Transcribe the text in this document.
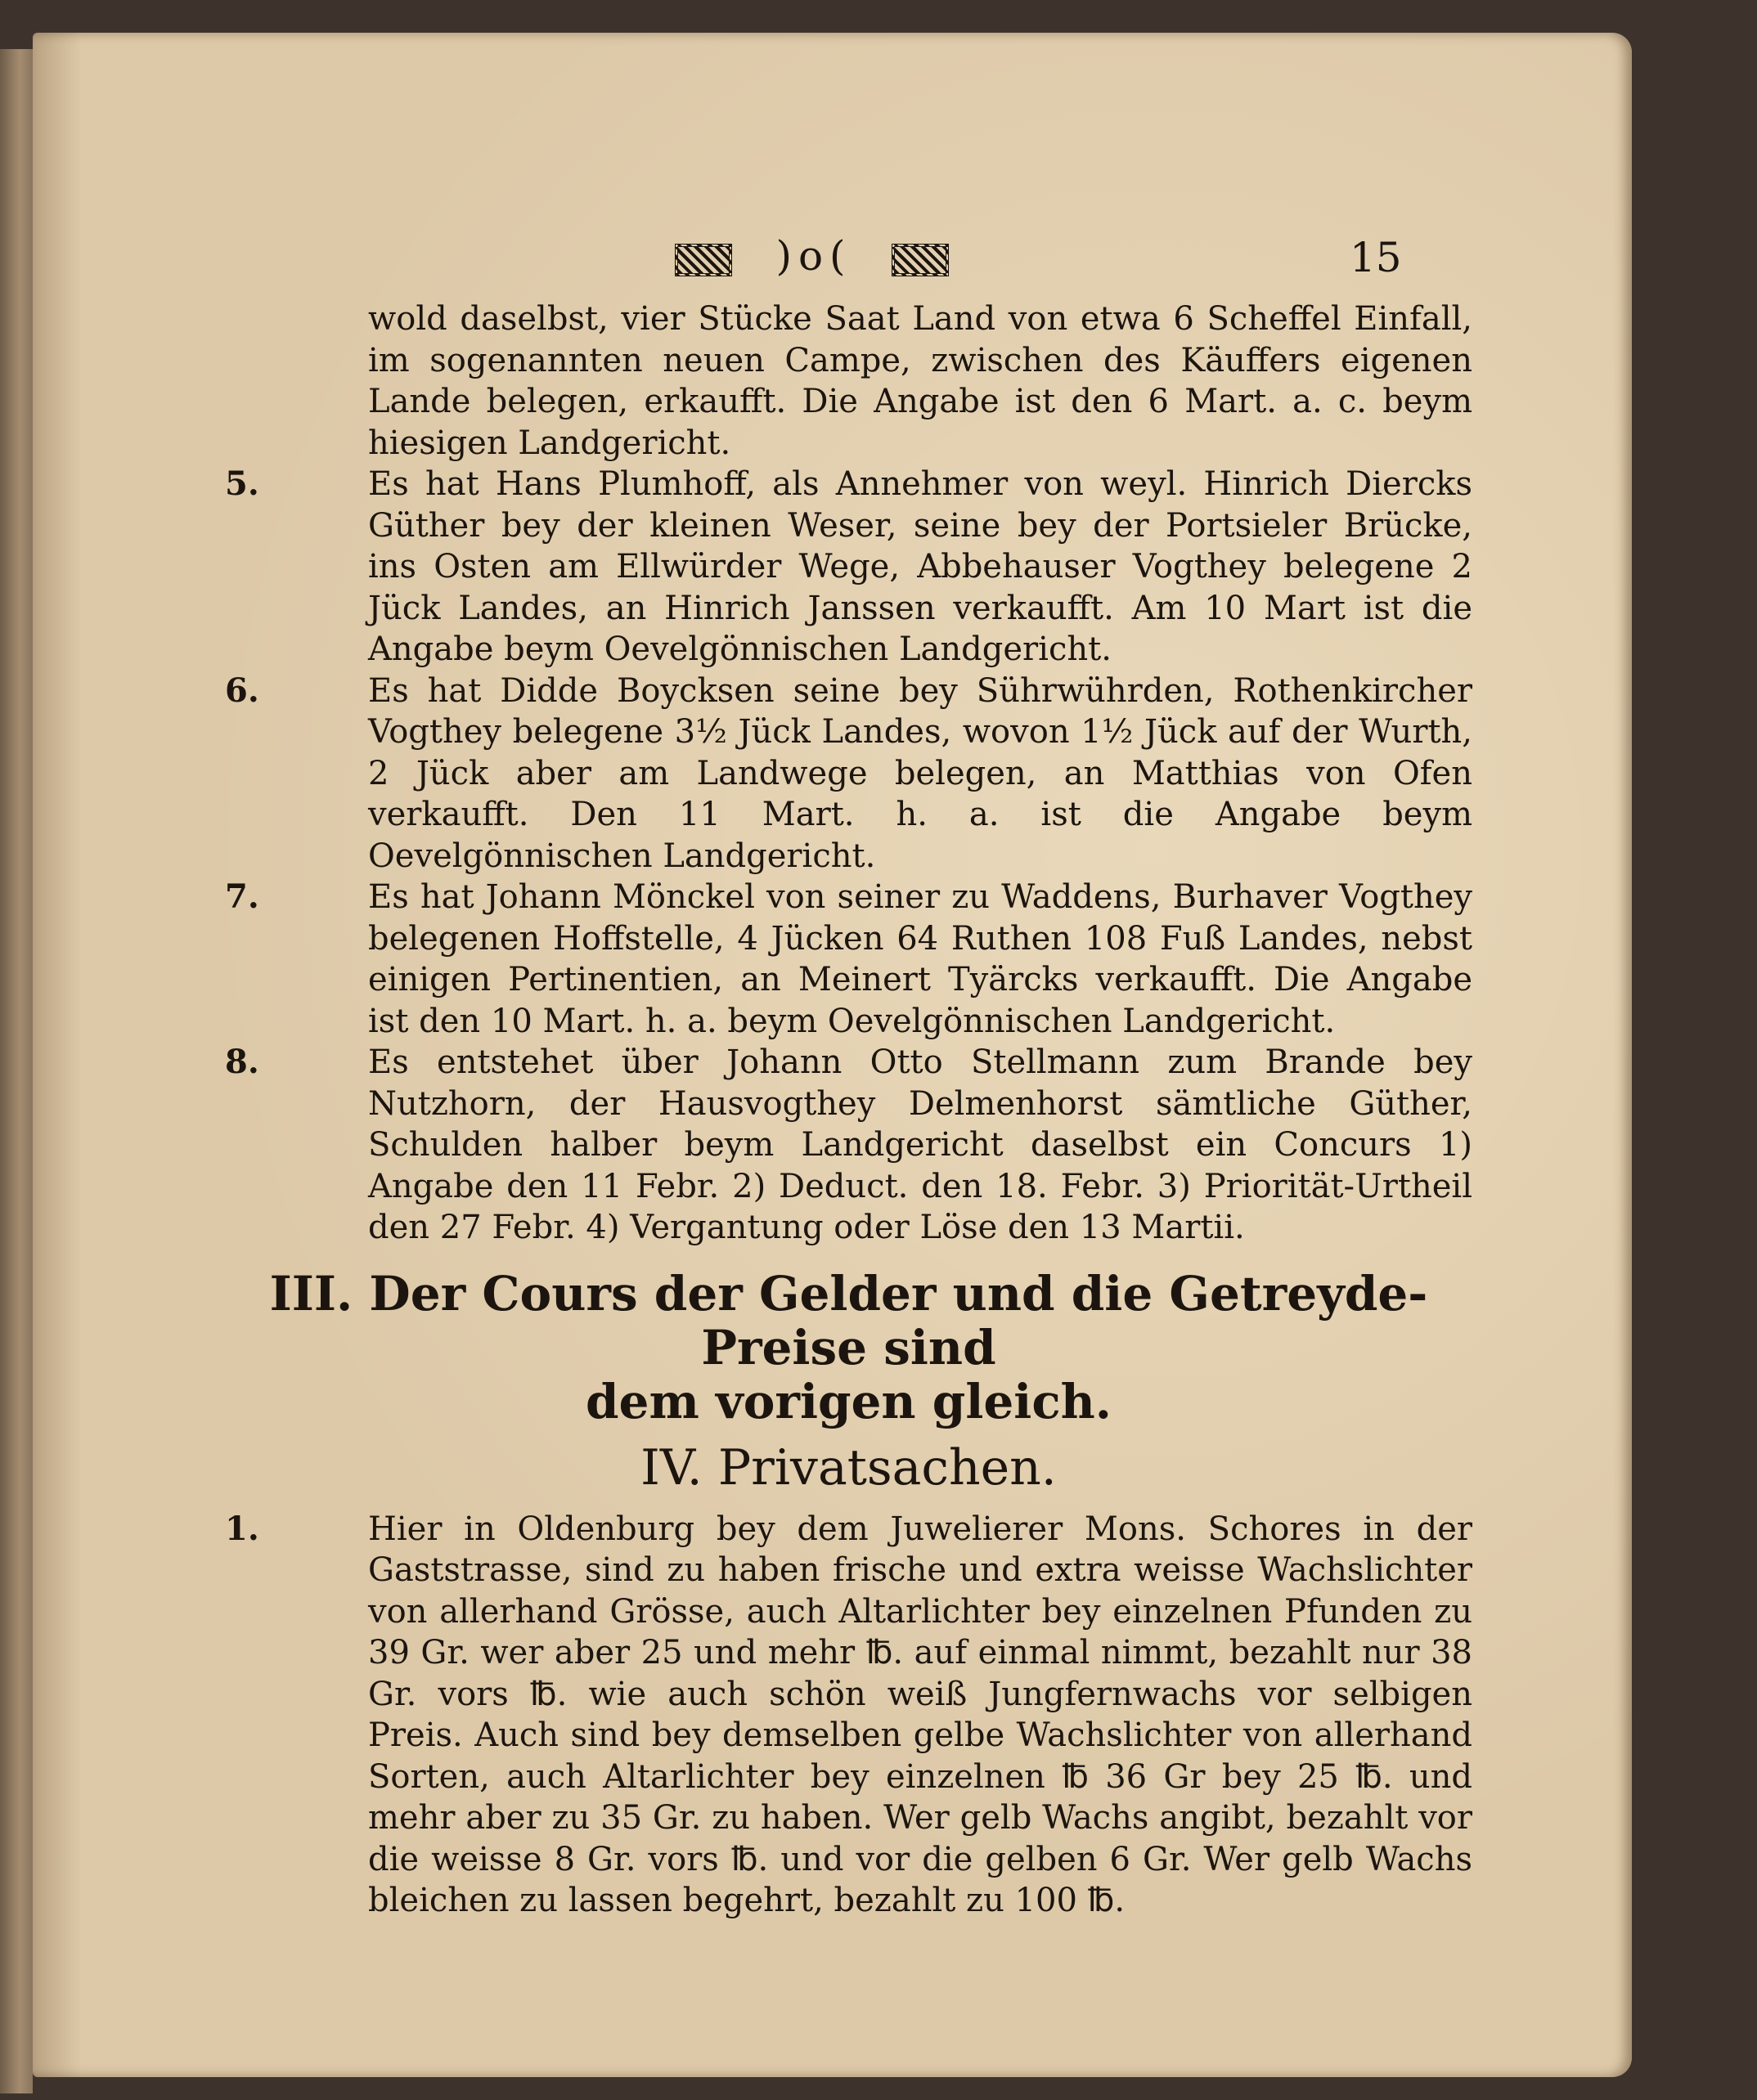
)o(	15
wold daselbst, vier Stücke Saat Land von etwa 6 Scheffel Einfall, im sogenannten neuen Campe, zwischen des Käuffers eigenen Lande belegen, erkaufft. Die Angabe ist den 6 Mart. a. c. beym hiesigen Landgericht.
5.	Es hat Hans Plumhoff, als Annehmer von weyl. Hinrich Diercks Güther bey der kleinen Weser, seine bey der Portsieler Brücke, ins Osten am Ellwürder Wege, Abbehauser Vogthey belegene 2 Jück Landes, an Hinrich Janssen verkaufft. Am 10 Mart ist die Angabe beym Oevelgönnischen Landgericht.
6.	Es hat Didde Boycksen seine bey Sührwührden, Rothenkircher Vogthey belegene 3½ Jück Landes, wovon 1½ Jück auf der Wurth, 2 Jück aber am Landwege belegen, an Matthias von Ofen verkaufft. Den 11 Mart. h. a. ist die Angabe beym Oevelgönnischen Landgericht.
7.	Es hat Johann Mönckel von seiner zu Waddens, Burhaver Vogthey belegenen Hoffstelle, 4 Jücken 64 Ruthen 108 Fuß Landes, nebst einigen Pertinentien, an Meinert Tyärcks verkaufft. Die Angabe ist den 10 Mart. h. a. beym Oevelgönnischen Landgericht.
8.	Es entstehet über Johann Otto Stellmann zum Brande bey Nutzhorn, der Hausvogthey Delmenhorst sämtliche Güther, Schulden halber beym Landgericht daselbst ein Concurs 1) Angabe den 11 Febr. 2) Deduct. den 18. Febr. 3) Priorität-Urtheil den 27 Febr. 4) Vergantung oder Löse den 13 Martii.
III. Der Cours der Gelder und die Getreyde-Preise sind
dem vorigen gleich.
IV. Privatsachen.
1.	Hier in Oldenburg bey dem Juwelierer Mons. Schores in der Gaststrasse, sind zu haben frische und extra weisse Wachslichter von allerhand Grösse, auch Altarlichter bey einzelnen Pfunden zu 39 Gr. wer aber 25 und mehr ℔. auf einmal nimmt, bezahlt nur 38 Gr. vors ℔. wie auch schön weiß Jungfernwachs vor selbigen Preis. Auch sind bey demselben gelbe Wachslichter von allerhand Sorten, auch Altarlichter bey einzelnen ℔ 36 Gr bey 25 ℔. und mehr aber zu 35 Gr. zu haben. Wer gelb Wachs angibt, bezahlt vor die weisse 8 Gr. vors ℔. und vor die gelben 6 Gr. Wer gelb Wachs bleichen zu lassen begehrt, bezahlt zu 100 ℔.
